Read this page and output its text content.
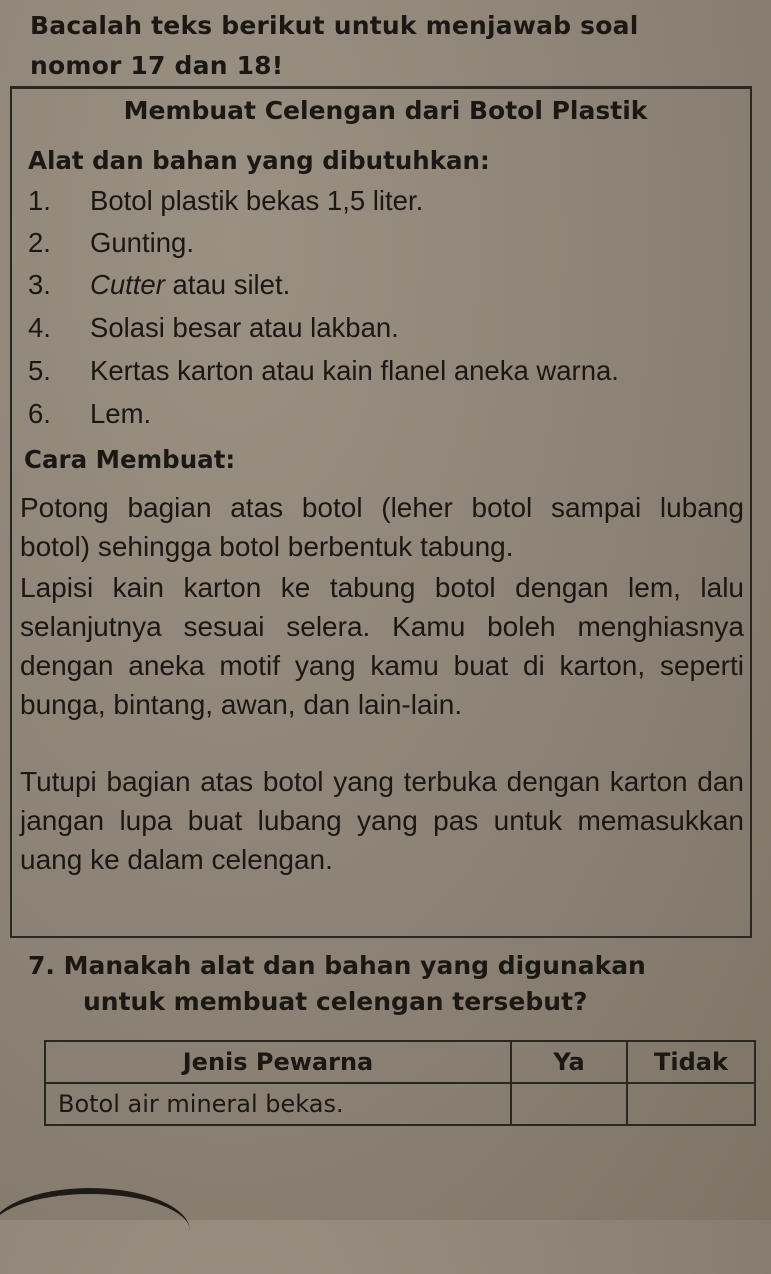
Bacalah teks berikut untuk menjawab soal
nomor 17 dan 18!
Membuat Celengan dari Botol Plastik
Alat dan bahan yang dibutuhkan:
1. Botol plastik bekas 1,5 liter.
2. Gunting.
3. Cutter atau silet.
4. Solasi besar atau lakban.
5. Kertas karton atau kain flanel aneka warna.
6. Lem.
Cara Membuat:
Potong bagian atas botol (leher botol sampai lubang botol) sehingga botol berbentuk tabung.
Lapisi kain karton ke tabung botol dengan lem, lalu selanjutnya sesuai selera. Kamu boleh menghiasnya dengan aneka motif yang kamu buat di karton, seperti bunga, bintang, awan, dan lain-lain.
Tutupi bagian atas botol yang terbuka dengan karton dan jangan lupa buat lubang yang pas untuk memasukkan uang ke dalam celengan.
7. Manakah alat dan bahan yang digunakan
untuk membuat celengan tersebut?
Jenis Pewarna	Ya	Tidak
Botol air mineral bekas.		
